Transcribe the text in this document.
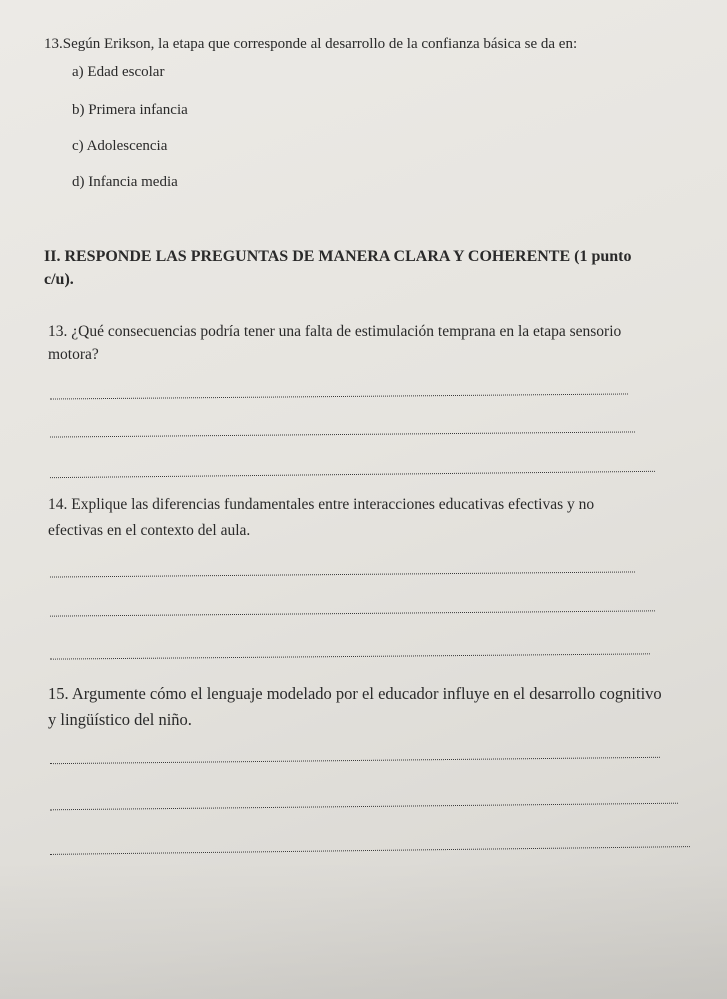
13.Según Erikson, la etapa que corresponde al desarrollo de la confianza básica se da en:
a) Edad escolar
b) Primera infancia
c) Adolescencia
d) Infancia media
II. RESPONDE LAS PREGUNTAS DE MANERA CLARA Y COHERENTE (1 punto
c/u).
13. ¿Qué consecuencias podría tener una falta de estimulación temprana en la etapa sensorio
motora?
14. Explique las diferencias fundamentales entre interacciones educativas efectivas y no
efectivas en el contexto del aula.
15. Argumente cómo el lenguaje modelado por el educador influye en el desarrollo cognitivo
y lingüístico del niño.
